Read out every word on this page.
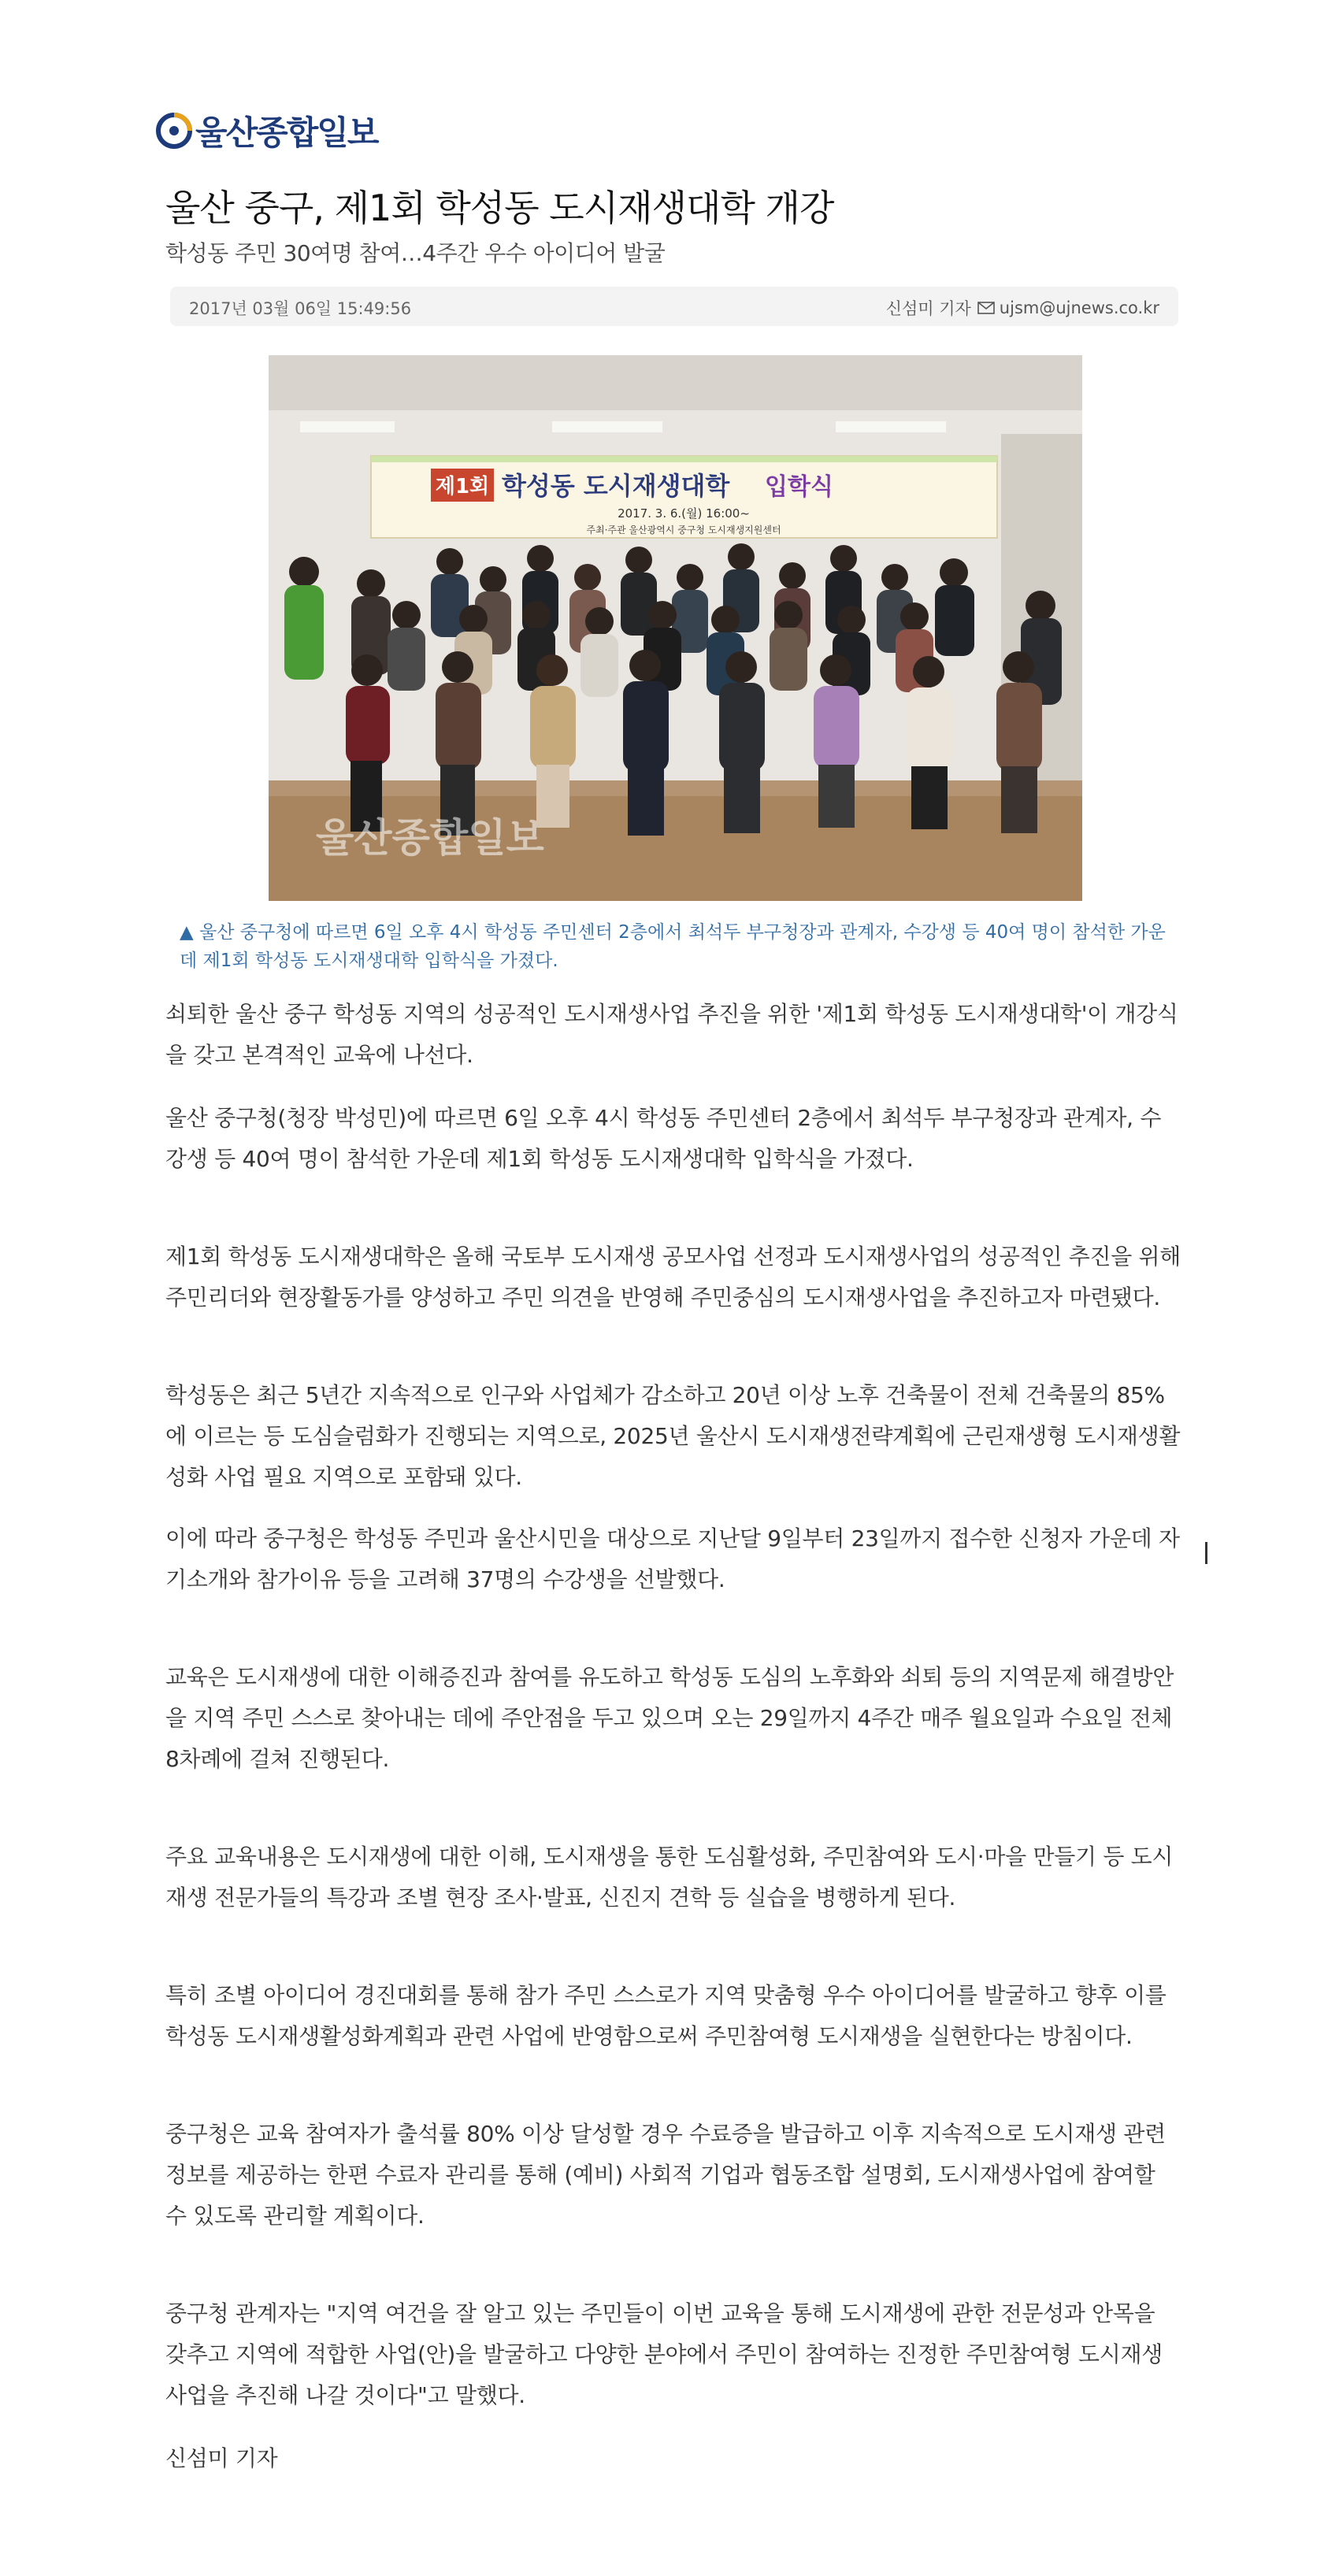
울산종합일보
울산 중구, 제1회 학성동 도시재생대학 개강
학성동 주민 30여명 참여…4주간 우수 아이디어 발굴
2017년 03월 06일 15:49:56	신섬미 기자 ujsm@ujnews.co.kr
제1회 학성동 도시재생대학 입학식
2017. 3. 6.(월) 16:00~
주최·주관 울산광역시 중구청 도시재생지원센터
울산종합일보
▲ 울산 중구청에 따르면 6일 오후 4시 학성동 주민센터 2층에서 최석두 부구청장과 관계자, 수강생 등 40여 명이 참석한 가운데 제1회 학성동 도시재생대학 입학식을 가졌다.

쇠퇴한 울산 중구 학성동 지역의 성공적인 도시재생사업 추진을 위한 '제1회 학성동 도시재생대학'이 개강식을 갖고 본격적인 교육에 나선다.

울산 중구청(청장 박성민)에 따르면 6일 오후 4시 학성동 주민센터 2층에서 최석두 부구청장과 관계자, 수강생 등 40여 명이 참석한 가운데 제1회 학성동 도시재생대학 입학식을 가졌다.

제1회 학성동 도시재생대학은 올해 국토부 도시재생 공모사업 선정과 도시재생사업의 성공적인 추진을 위해 주민리더와 현장활동가를 양성하고 주민 의견을 반영해 주민중심의 도시재생사업을 추진하고자 마련됐다.

학성동은 최근 5년간 지속적으로 인구와 사업체가 감소하고 20년 이상 노후 건축물이 전체 건축물의 85%에 이르는 등 도심슬럼화가 진행되는 지역으로, 2025년 울산시 도시재생전략계획에 근린재생형 도시재생활성화 사업 필요 지역으로 포함돼 있다.

이에 따라 중구청은 학성동 주민과 울산시민을 대상으로 지난달 9일부터 23일까지 접수한 신청자 가운데 자기소개와 참가이유 등을 고려해 37명의 수강생을 선발했다.

교육은 도시재생에 대한 이해증진과 참여를 유도하고 학성동 도심의 노후화와 쇠퇴 등의 지역문제 해결방안을 지역 주민 스스로 찾아내는 데에 주안점을 두고 있으며 오는 29일까지 4주간 매주 월요일과 수요일 전체 8차례에 걸쳐 진행된다.

주요 교육내용은 도시재생에 대한 이해, 도시재생을 통한 도심활성화, 주민참여와 도시·마을 만들기 등 도시재생 전문가들의 특강과 조별 현장 조사·발표, 신진지 견학 등 실습을 병행하게 된다.

특히 조별 아이디어 경진대회를 통해 참가 주민 스스로가 지역 맞춤형 우수 아이디어를 발굴하고 향후 이를 학성동 도시재생활성화계획과 관련 사업에 반영함으로써 주민참여형 도시재생을 실현한다는 방침이다.

중구청은 교육 참여자가 출석률 80% 이상 달성할 경우 수료증을 발급하고 이후 지속적으로 도시재생 관련 정보를 제공하는 한편 수료자 관리를 통해 (예비) 사회적 기업과 협동조합 설명회, 도시재생사업에 참여할 수 있도록 관리할 계획이다.

중구청 관계자는 "지역 여건을 잘 알고 있는 주민들이 이번 교육을 통해 도시재생에 관한 전문성과 안목을 갖추고 지역에 적합한 사업(안)을 발굴하고 다양한 분야에서 주민이 참여하는 진정한 주민참여형 도시재생사업을 추진해 나갈 것이다"고 말했다.

신섬미 기자
